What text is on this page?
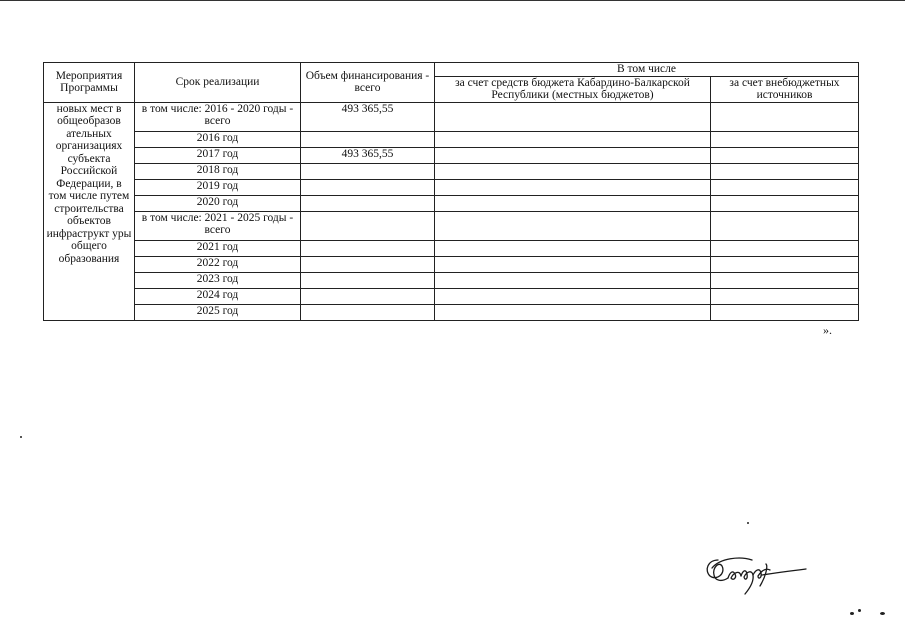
Мероприятия Программы	Срок реализации	Объем финансирования - всего	В том числе	
			за счет средств бюджета Кабардино-Балкарской Республики (местных бюджетов)	за счет внебюджетных источников
новых мест в общеобразов ательных организациях субъекта Российской Федерации, в том числе путем строительства объектов инфраструкт уры общего образования	в том числе: 2016 - 2020 годы - всего	493 365,55		
	2016 год			
	2017 год	493 365,55		
	2018 год			
	2019 год			
	2020 год			
	в том числе: 2021 - 2025 годы - всего			
	2021 год			
	2022 год			
	2023 год			
	2024 год			
	2025 год			
».
